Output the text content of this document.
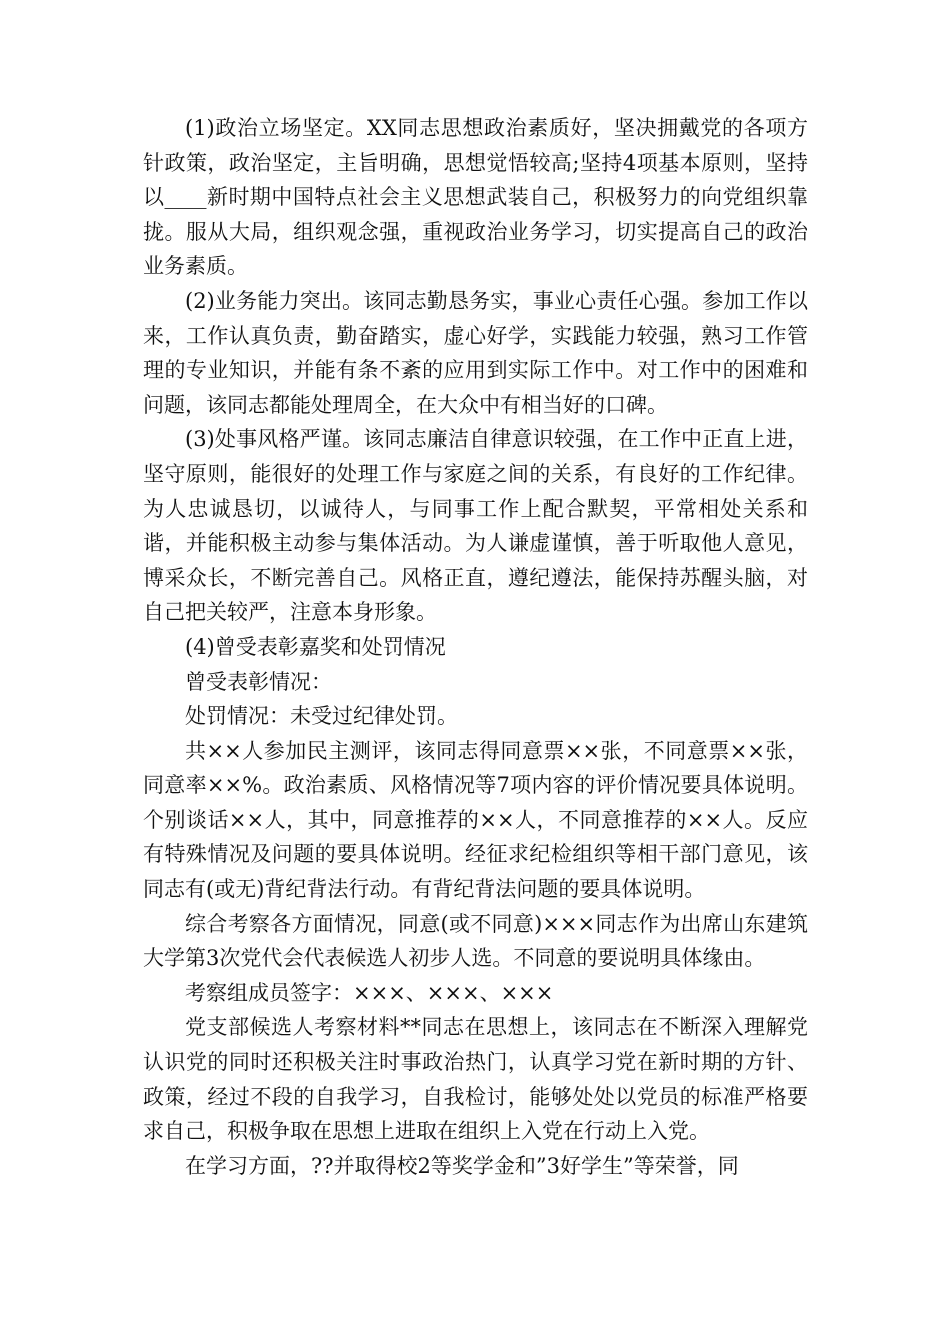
(1)政治立场坚定。XX同志思想政治素质好，坚决拥戴党的各项方针政策，政治坚定，主旨明确，思想觉悟较高;坚持4项基本原则，坚持以____新时期中国特点社会主义思想武装自己，积极努力的向党组织靠拢。服从大局，组织观念强，重视政治业务学习，切实提高自己的政治业务素质。

(2)业务能力突出。该同志勤恳务实，事业心责任心强。参加工作以来，工作认真负责，勤奋踏实，虚心好学，实践能力较强，熟习工作管理的专业知识，并能有条不紊的应用到实际工作中。对工作中的困难和问题，该同志都能处理周全，在大众中有相当好的口碑。

(3)处事风格严谨。该同志廉洁自律意识较强，在工作中正直上进，坚守原则，能很好的处理工作与家庭之间的关系，有良好的工作纪律。为人忠诚恳切，以诚待人，与同事工作上配合默契，平常相处关系和谐，并能积极主动参与集体活动。为人谦虚谨慎，善于听取他人意见，博采众长，不断完善自己。风格正直，遵纪遵法，能保持苏醒头脑，对自己把关较严，注意本身形象。

(4)曾受表彰嘉奖和处罚情况

曾受表彰情况：

处罚情况：未受过纪律处罚。

共××人参加民主测评，该同志得同意票××张，不同意票××张，同意率××%。政治素质、风格情况等7项内容的评价情况要具体说明。个别谈话××人，其中，同意推荐的××人，不同意推荐的××人。反应有特殊情况及问题的要具体说明。经征求纪检组织等相干部门意见，该同志有(或无)背纪背法行动。有背纪背法问题的要具体说明。

综合考察各方面情况，同意(或不同意)×××同志作为出席山东建筑大学第3次党代会代表候选人初步人选。不同意的要说明具体缘由。

考察组成员签字：×××、×××、×××

党支部候选人考察材料**同志在思想上，该同志在不断深入理解党认识党的同时还积极关注时事政治热门，认真学习党在新时期的方针、政策，经过不段的自我学习，自我检讨，能够处处以党员的标准严格要求自己，积极争取在思想上进取在组织上入党在行动上入党。

在学习方面，??并取得校2等奖学金和”3好学生”等荣誉，同
